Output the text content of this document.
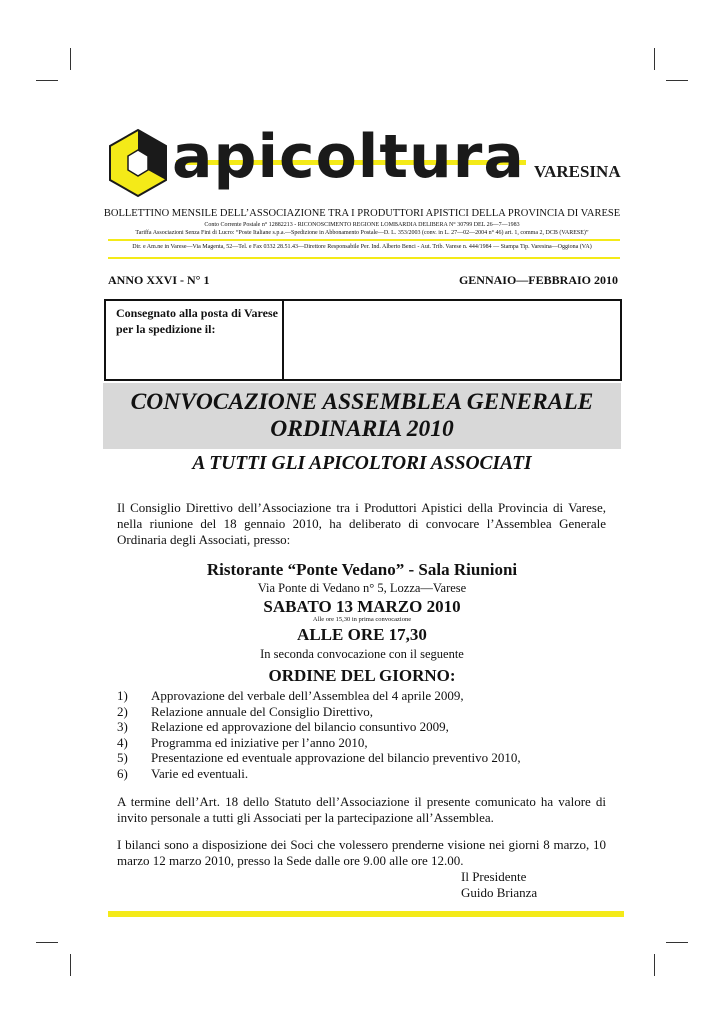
apicoltura VARESINA
BOLLETTINO MENSILE DELL’ASSOCIAZIONE TRA I PRODUTTORI APISTICI DELLA PROVINCIA DI VARESE
Conto Corrente Postale n° 12882213 - RICONOSCIMENTO REGIONE LOMBARDIA DELIBERA N° 30799 DEL 26—7—1983
Tariffa Associazioni Senza Fini di Lucro: “Poste Italiane s.p.a.—Spedizione in Abbonamento Postale—D. L. 353/2003 (conv. in L. 27—02—2004 n° 46) art. 1, comma 2, DCB (VARESE)”
Dir. e Am.ne in Varese—Via Magenta, 52—Tel. e Fax 0332 28.51.43—Direttore Responsabile Per. Ind. Alberto Benci - Aut. Trib. Varese n. 444/1984 — Stampa Tip. Varesina—Oggiona (VA)
ANNO XXVI - N° 1	GENNAIO—FEBBRAIO 2010
Consegnato alla posta di Varese per la spedizione il:
CONVOCAZIONE ASSEMBLEA GENERALE
ORDINARIA 2010
A TUTTI GLI APICOLTORI ASSOCIATI
Il Consiglio Direttivo dell’Associazione tra i Produttori Apistici della Provincia di Varese, nella riunione del 18 gennaio 2010, ha deliberato di convocare l’Assemblea Generale Ordinaria degli Associati, presso:
Ristorante “Ponte Vedano” - Sala Riunioni
Via Ponte di Vedano n° 5, Lozza—Varese
SABATO 13 MARZO 2010
Alle ore 15,30 in prima convocazione
ALLE ORE 17,30
In seconda convocazione con il seguente
ORDINE DEL GIORNO:
1)	Approvazione del verbale dell’Assemblea del 4 aprile 2009,
2)	Relazione annuale del Consiglio Direttivo,
3)	Relazione ed approvazione del bilancio consuntivo 2009,
4)	Programma ed iniziative per l’anno 2010,
5)	Presentazione ed eventuale approvazione del bilancio preventivo 2010,
6)	Varie ed eventuali.
A termine dell’Art. 18 dello Statuto dell’Associazione il presente comunicato ha valore di invito personale a tutti gli Associati per la partecipazione all’Assemblea.
I bilanci sono a disposizione dei Soci che volessero prenderne visione nei giorni 8 marzo, 10 marzo 12 marzo 2010, presso la Sede dalle ore 9.00 alle ore 12.00.
Il Presidente
Guido Brianza
